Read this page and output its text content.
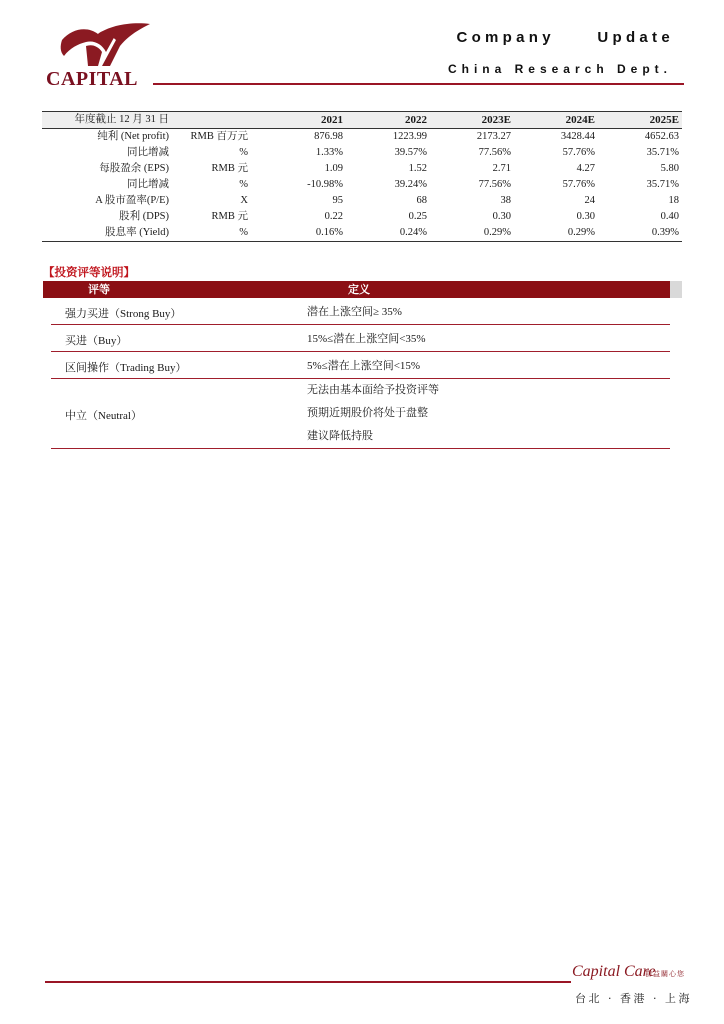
CAPITAL
Company Update
China Research Dept.
年度截止 12 月 31 日		2021	2022	2023E	2024E	2025E
纯利 (Net profit)	RMB 百万元	876.98	1223.99	2173.27	3428.44	4652.63
同比增减	%	1.33%	39.57%	77.56%	57.76%	35.71%
每股盈余 (EPS)	RMB 元	1.09	1.52	2.71	4.27	5.80
同比增减	%	-10.98%	39.24%	77.56%	57.76%	35.71%
A 股市盈率(P/E)	X	95	68	38	24	18
股利 (DPS)	RMB 元	0.22	0.25	0.30	0.30	0.40
股息率 (Yield)	%	0.16%	0.24%	0.29%	0.29%	0.39%
【投资评等说明】
	评等	定义	
	强力买进（Strong Buy）	潜在上涨空间≥ 35%	

	买进（Buy）	15%≤潜在上涨空间<35%	

	区间操作（Trading Buy）	5%≤潜在上涨空间<15%	

	中立（Neutral）	无法由基本面给予投资评等
预期近期股价将处于盘整
建议降低持股	

Capital Care
群益關心您
台北 · 香港 · 上海
